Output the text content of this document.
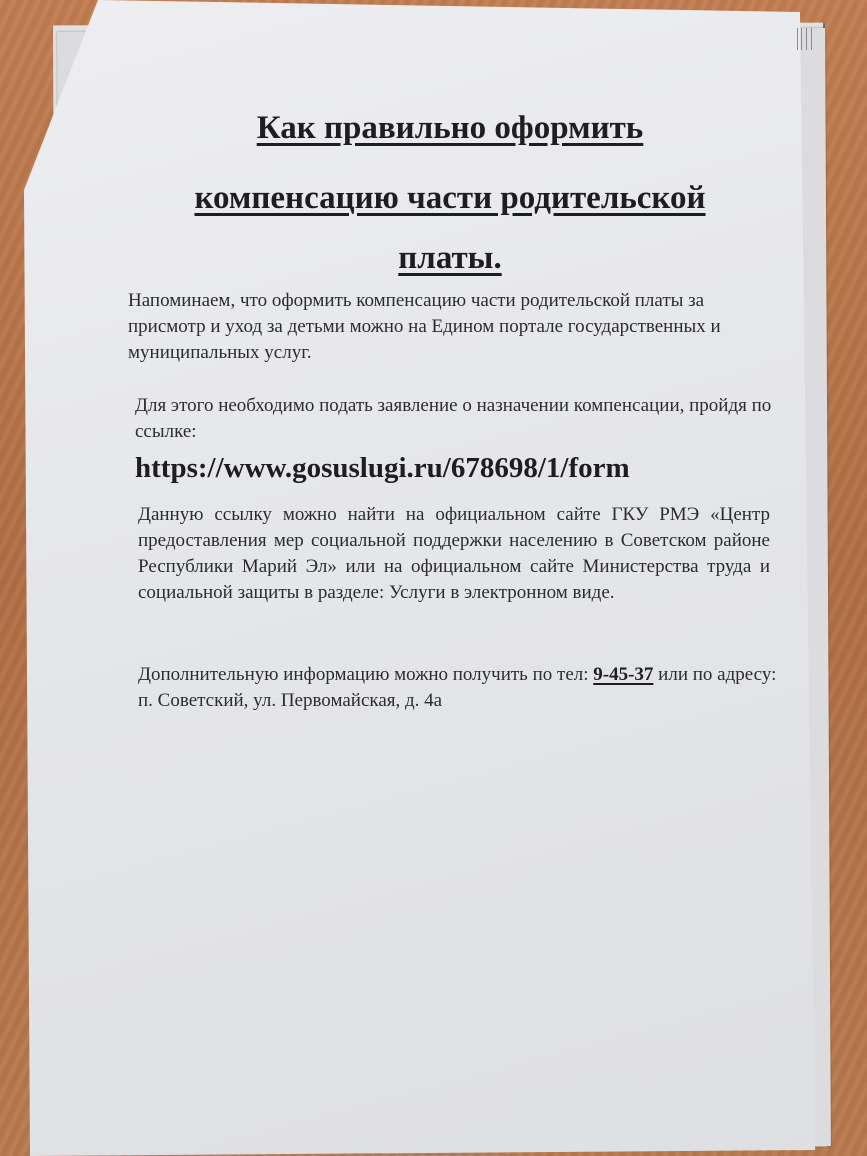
Как правильно оформить
компенсацию части родительской
платы.
Напоминаем, что оформить компенсацию части родительской платы за присмотр и уход за детьми можно на Едином портале государственных и муниципальных услуг.
Для этого необходимо подать заявление о назначении компенсации, пройдя по ссылке:
https://www.gosuslugi.ru/678698/1/form
Данную ссылку можно найти на официальном сайте ГКУ РМЭ «Центр предоставления мер социальной поддержки населению в Советском районе Республики Марий Эл» или на официальном сайте Министерства труда и социальной защиты в разделе: Услуги в электронном виде.
Дополнительную информацию можно получить по тел: 9-45-37 или по адресу: п. Советский, ул. Первомайская, д. 4а
